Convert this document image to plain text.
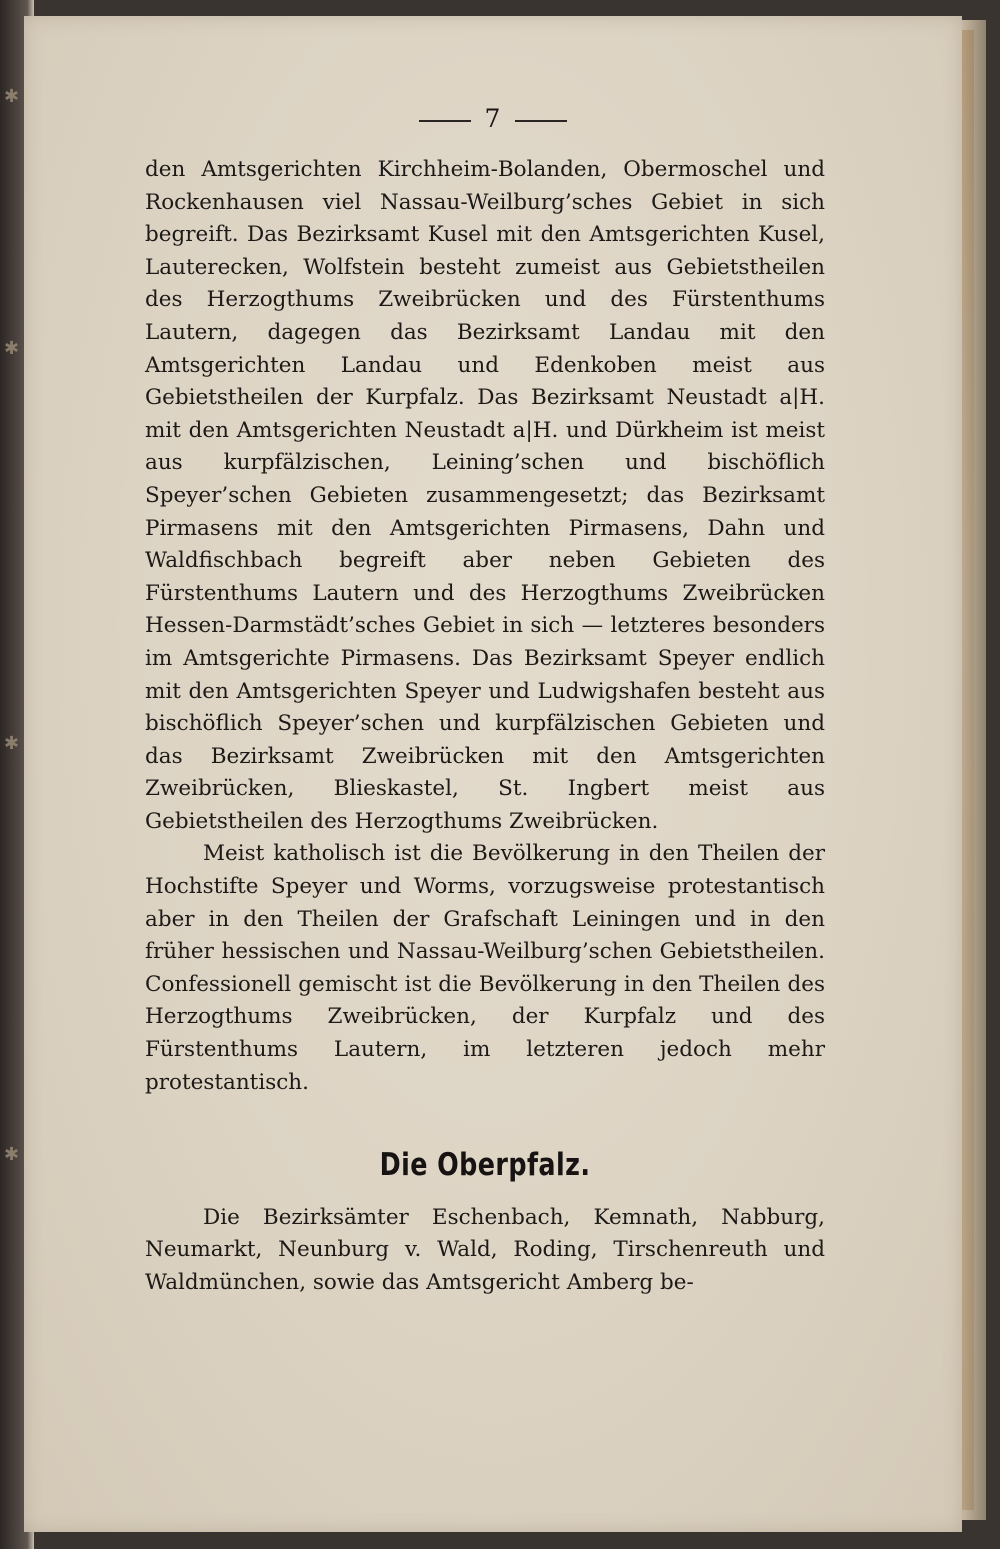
✱
✱
✱
✱
7

den Amtsgerichten Kirchheim-Bolanden, Obermoschel und Rockenhausen viel Nassau-Weilburg’sches Gebiet in sich begreift. Das Bezirksamt Kusel mit den Amtsgerichten Kusel, Lauterecken, Wolfstein besteht zumeist aus Gebietstheilen des Herzogthums Zweibrücken und des Fürstenthums Lautern, dagegen das Bezirksamt Landau mit den Amtsgerichten Landau und Edenkoben meist aus Gebietstheilen der Kurpfalz. Das Bezirksamt Neustadt a|H. mit den Amtsgerichten Neustadt a|H. und Dürkheim ist meist aus kurpfälzischen, Leining’schen und bischöflich Speyer’schen Gebieten zusammengesetzt; das Bezirksamt Pirmasens mit den Amtsgerichten Pirmasens, Dahn und Waldfischbach begreift aber neben Gebieten des Fürstenthums Lautern und des Herzogthums Zweibrücken Hessen-Darmstädt’sches Gebiet in sich — letzteres besonders im Amtsgerichte Pirmasens. Das Bezirksamt Speyer endlich mit den Amtsgerichten Speyer und Ludwigshafen besteht aus bischöflich Speyer’schen und kurpfälzischen Gebieten und das Bezirksamt Zweibrücken mit den Amtsgerichten Zweibrücken, Blieskastel, St. Ingbert meist aus Gebietstheilen des Herzogthums Zweibrücken.

Meist katholisch ist die Bevölkerung in den Theilen der Hochstifte Speyer und Worms, vorzugsweise protestantisch aber in den Theilen der Grafschaft Leiningen und in den früher hessischen und Nassau-Weilburg’schen Gebietstheilen. Confessionell gemischt ist die Bevölkerung in den Theilen des Herzogthums Zweibrücken, der Kurpfalz und des Fürstenthums Lautern, im letzteren jedoch mehr protestantisch.

Die Oberpfalz.

Die Bezirksämter Eschenbach, Kemnath, Nabburg, Neumarkt, Neunburg v. Wald, Roding, Tirschenreuth und Waldmünchen, sowie das Amtsgericht Amberg be-
